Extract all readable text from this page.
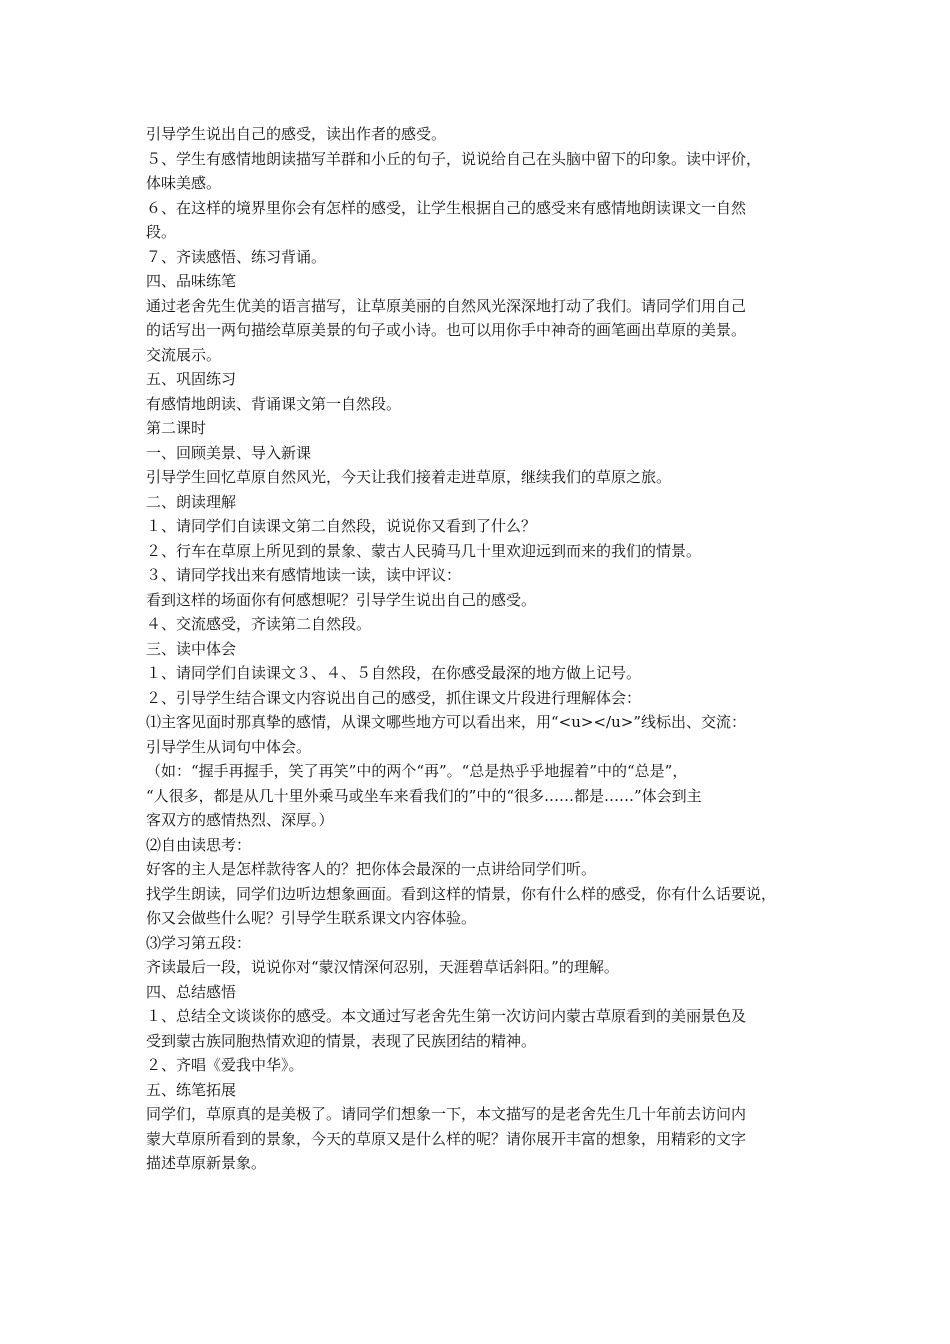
引导学生说出自己的感受，读出作者的感受。

５、学生有感情地朗读描写羊群和小丘的句子，说说给自己在头脑中留下的印象。读中评价，

体味美感。

６、在这样的境界里你会有怎样的感受，让学生根据自己的感受来有感情地朗读课文一自然

段。

７、齐读感悟、练习背诵。

四、品味练笔

通过老舍先生优美的语言描写，让草原美丽的自然风光深深地打动了我们。请同学们用自己

的话写出一两句描绘草原美景的句子或小诗。也可以用你手中神奇的画笔画出草原的美景。

交流展示。

五、巩固练习

有感情地朗读、背诵课文第一自然段。

第二课时

一、回顾美景、导入新课

引导学生回忆草原自然风光，今天让我们接着走进草原，继续我们的草原之旅。

二、朗读理解

１、请同学们自读课文第二自然段，说说你又看到了什么？

２、行车在草原上所见到的景象、蒙古人民骑马几十里欢迎远到而来的我们的情景。

３、请同学找出来有感情地读一读，读中评议：

看到这样的场面你有何感想呢？引导学生说出自己的感受。

４、交流感受，齐读第二自然段。

三、读中体会

１、请同学们自读课文３、４、５自然段，在你感受最深的地方做上记号。

２、引导学生结合课文内容说出自己的感受，抓住课文片段进行理解体会：

⑴主客见面时那真挚的感情，从课文哪些地方可以看出来，用“<u></u>”线标出、交流：

引导学生从词句中体会。

（如：“握手再握手，笑了再笑”中的两个“再”。“总是热乎乎地握着”中的“总是”，

“人很多，都是从几十里外乘马或坐车来看我们的”中的“很多……都是……”体会到主

客双方的感情热烈、深厚。）

⑵自由读思考：

好客的主人是怎样款待客人的？把你体会最深的一点讲给同学们听。

找学生朗读，同学们边听边想象画面。看到这样的情景，你有什么样的感受，你有什么话要说，

你又会做些什么呢？引导学生联系课文内容体验。

⑶学习第五段：

齐读最后一段，说说你对“蒙汉情深何忍别，天涯碧草话斜阳。”的理解。

四、总结感悟

１、总结全文谈谈你的感受。本文通过写老舍先生第一次访问内蒙古草原看到的美丽景色及

受到蒙古族同胞热情欢迎的情景，表现了民族团结的精神。

２、齐唱《爱我中华》。

五、练笔拓展

同学们，草原真的是美极了。请同学们想象一下，本文描写的是老舍先生几十年前去访问内

蒙大草原所看到的景象，今天的草原又是什么样的呢？请你展开丰富的想象，用精彩的文字

描述草原新景象。
